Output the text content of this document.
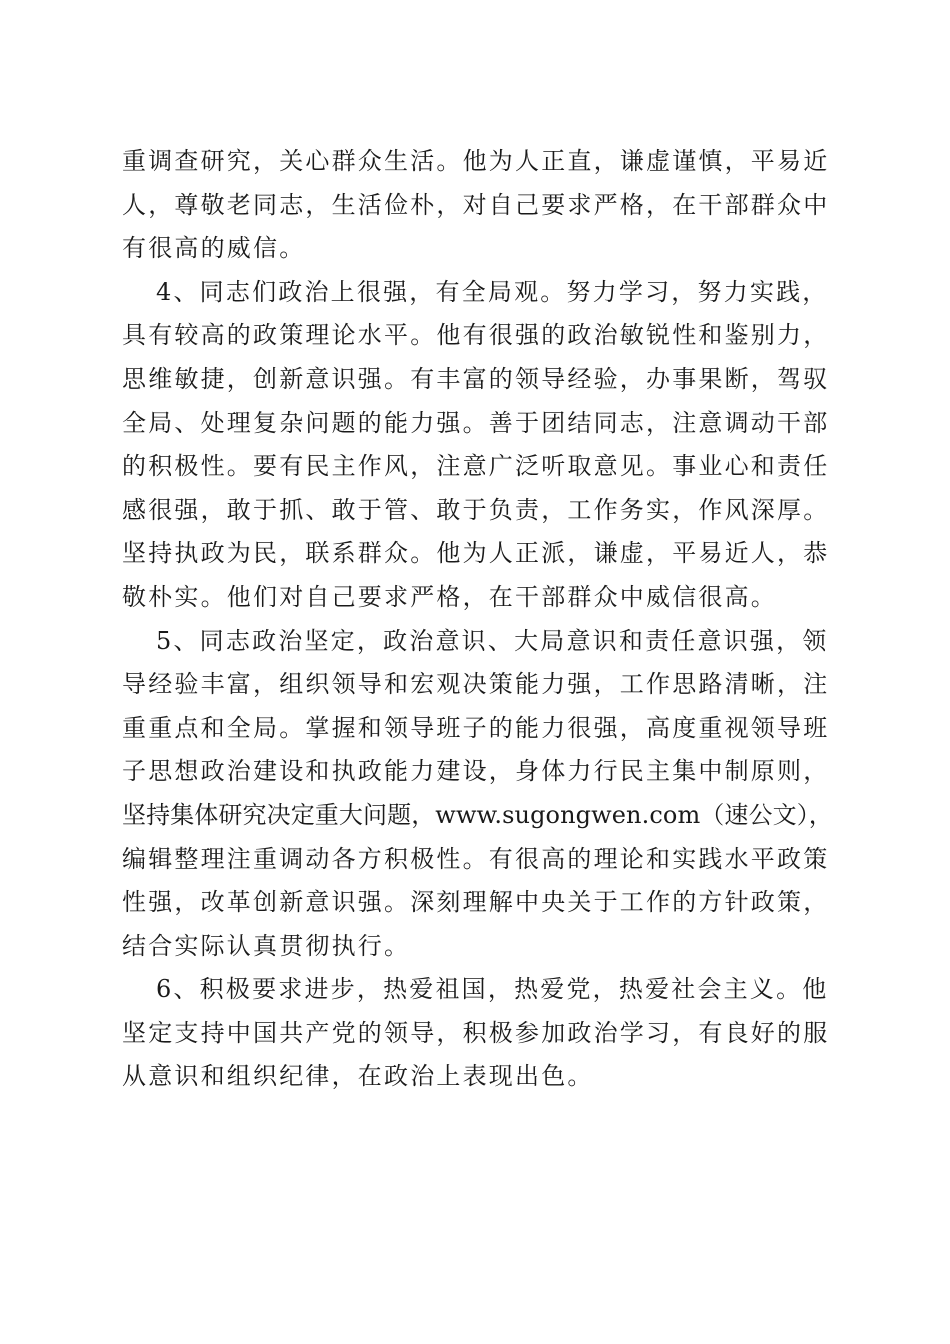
重调查研究，关心群众生活。他为人正直，谦虚谨慎，平易近
人，尊敬老同志，生活俭朴，对自己要求严格，在干部群众中
有很高的威信。
4、同志们政治上很强，有全局观。努力学习，努力实践，
具有较高的政策理论水平。他有很强的政治敏锐性和鉴别力，
思维敏捷，创新意识强。有丰富的领导经验，办事果断，驾驭
全局、处理复杂问题的能力强。善于团结同志，注意调动干部
的积极性。要有民主作风，注意广泛听取意见。事业心和责任
感很强，敢于抓、敢于管、敢于负责，工作务实，作风深厚。
坚持执政为民，联系群众。他为人正派，谦虚，平易近人，恭
敬朴实。他们对自己要求严格，在干部群众中威信很高。
5、同志政治坚定，政治意识、大局意识和责任意识强，领
导经验丰富，组织领导和宏观决策能力强，工作思路清晰，注
重重点和全局。掌握和领导班子的能力很强，高度重视领导班
子思想政治建设和执政能力建设，身体力行民主集中制原则，
坚持集体研究决定重大问题，www.sugongwen.com（速公文），
编辑整理注重调动各方积极性。有很高的理论和实践水平政策
性强，改革创新意识强。深刻理解中央关于工作的方针政策，
结合实际认真贯彻执行。
6、积极要求进步，热爱祖国，热爱党，热爱社会主义。他
坚定支持中国共产党的领导，积极参加政治学习，有良好的服
从意识和组织纪律，在政治上表现出色。
